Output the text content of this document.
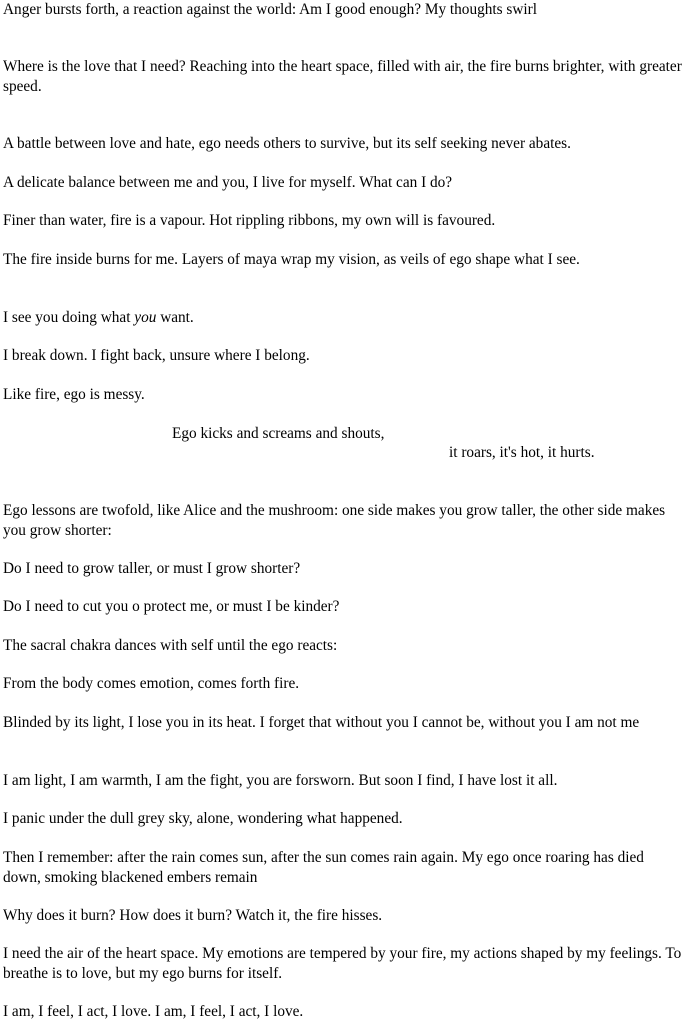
Anger bursts forth, a reaction against the world: Am I good enough? My thoughts swirl

Where is the love that I need? Reaching into the heart space, filled with air, the fire burns brighter, with greater speed.

A battle between love and hate, ego needs others to survive, but its self seeking never abates.

A delicate balance between me and you, I live for myself. What can I do?

Finer than water, fire is a vapour. Hot rippling ribbons, my own will is favoured.

The fire inside burns for me. Layers of maya wrap my vision, as veils of ego shape what I see.

I see you doing what you want.

I break down. I fight back, unsure where I belong.

Like fire, ego is messy.

Ego kicks and screams and shouts,

it roars, it's hot, it hurts.

Ego lessons are twofold, like Alice and the mushroom: one side makes you grow taller, the other side makes you grow shorter:

Do I need to grow taller, or must I grow shorter?

Do I need to cut you o protect me, or must I be kinder?

The sacral chakra dances with self until the ego reacts:

From the body comes emotion, comes forth fire.

Blinded by its light, I lose you in its heat. I forget that without you I cannot be, without you I am not me

I am light, I am warmth, I am the fight, you are forsworn. But soon I find, I have lost it all.

I panic under the dull grey sky, alone, wondering what happened.

Then I remember: after the rain comes sun, after the sun comes rain again. My ego once roaring has died down, smoking blackened embers remain

Why does it burn? How does it burn? Watch it, the fire hisses.

I need the air of the heart space. My emotions are tempered by your fire, my actions shaped by my feelings. To breathe is to love, but my ego burns for itself.

I am, I feel, I act, I love. I am, I feel, I act, I love.
